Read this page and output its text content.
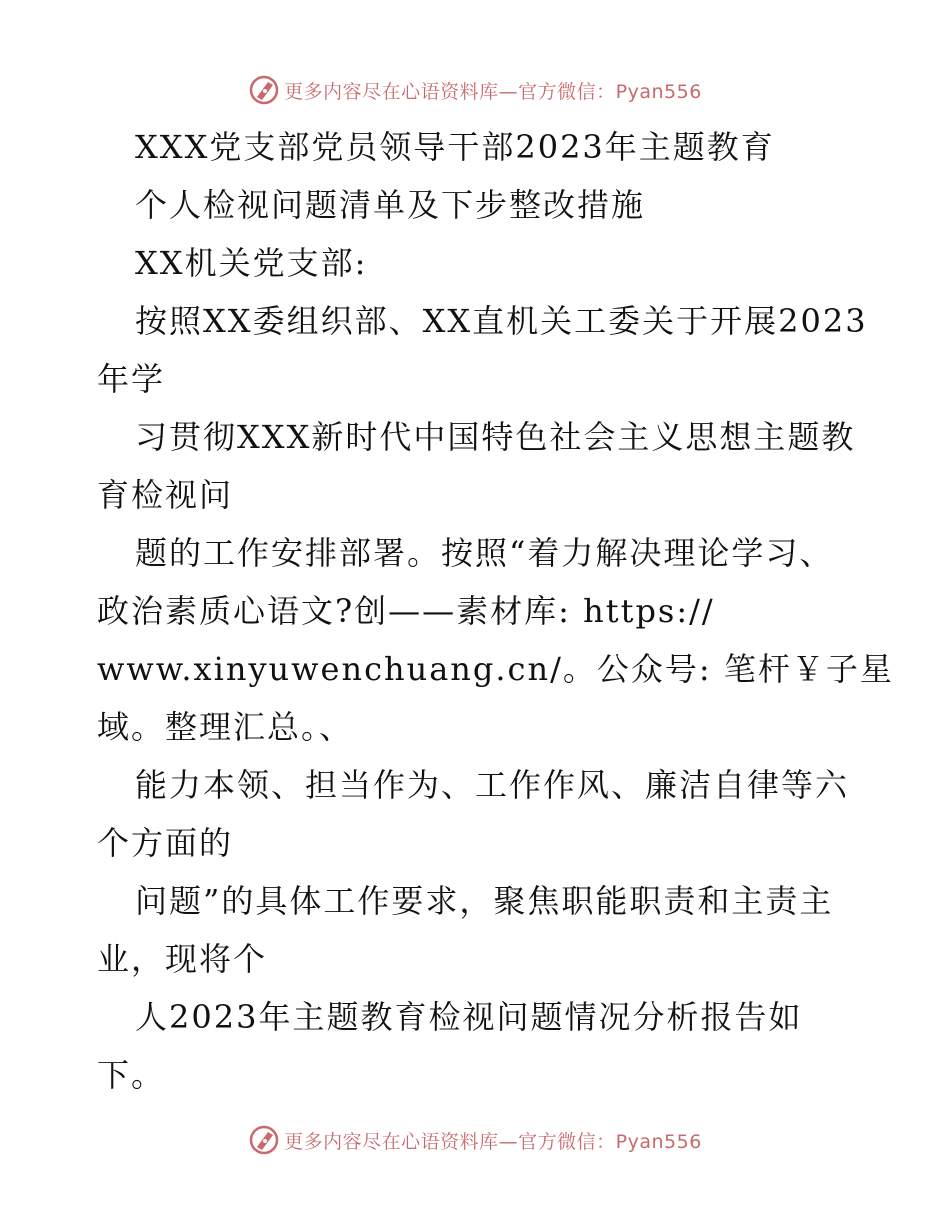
更多内容尽在心语资料库—官方微信：Pyan556
XXX党支部党员领导干部2023年主题教育
个人检视问题清单及下步整改措施
XX机关党支部:
按照XX委组织部、XX直机关工委关于开展2023
年学
习贯彻XXX新时代中国特色社会主义思想主题教
育检视问
题的工作安排部署。按照“着力解决理论学习、
政治素质心语文?创——素材库: https://
www.xinyuwenchuang.cn/。公众号: 笔杆￥子星
域。整理汇总。、
能力本领、担当作为、工作作风、廉洁自律等六
个方面的
问题”的具体工作要求，聚焦职能职责和主责主
业，现将个
人2023年主题教育检视问题情况分析报告如
下。
更多内容尽在心语资料库—官方微信：Pyan556
